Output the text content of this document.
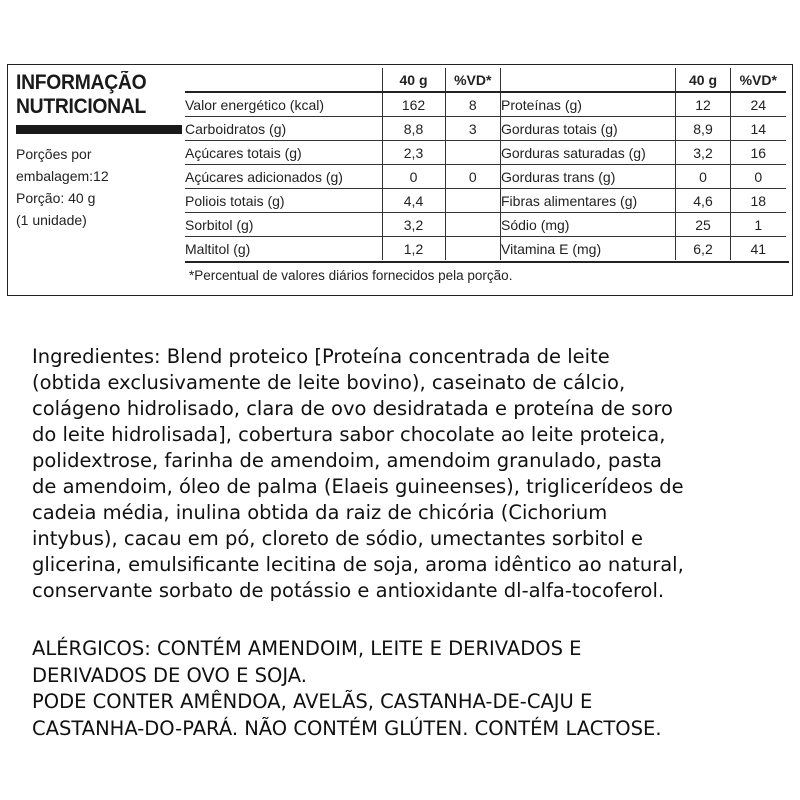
INFORMAÇÃO
NUTRICIONAL
Porções por
embalagem:12
Porção: 40 g
(1 unidade)
	40 g	%VD*
Valor energético (kcal)	162	8
Carboidratos (g)	8,8	3
Açúcares totais (g)	2,3	
Açúcares adicionados (g)	0	0
Poliois totais (g)	4,4	
Sorbitol (g)	3,2	
Maltitol (g)	1,2	
	40 g	%VD*
Proteínas (g)	12	24
Gorduras totais (g)	8,9	14
Gorduras saturadas (g)	3,2	16
Gorduras trans (g)	0	0
Fibras alimentares (g)	4,6	18
Sódio (mg)	25	1
Vitamina E (mg)	6,2	41
*Percentual de valores diários fornecidos pela porção.
Ingredientes: Blend proteico [Proteína concentrada de leite
(obtida exclusivamente de leite bovino), caseinato de cálcio,
colágeno hidrolisado, clara de ovo desidratada e proteína de soro
do leite hidrolisada], cobertura sabor chocolate ao leite proteica,
polidextrose, farinha de amendoim, amendoim granulado, pasta
de amendoim, óleo de palma (Elaeis guineenses), triglicerídeos de
cadeia média, inulina obtida da raiz de chicória (Cichorium
intybus), cacau em pó, cloreto de sódio, umectantes sorbitol e
glicerina, emulsificante lecitina de soja, aroma idêntico ao natural,
conservante sorbato de potássio e antioxidante dl-alfa-tocoferol.
ALÉRGICOS: CONTÉM AMENDOIM, LEITE E DERIVADOS E
DERIVADOS DE OVO E SOJA.
PODE CONTER AMÊNDOA, AVELÃS, CASTANHA-DE-CAJU E
CASTANHA-DO-PARÁ. NÃO CONTÉM GLÚTEN. CONTÉM LACTOSE.
